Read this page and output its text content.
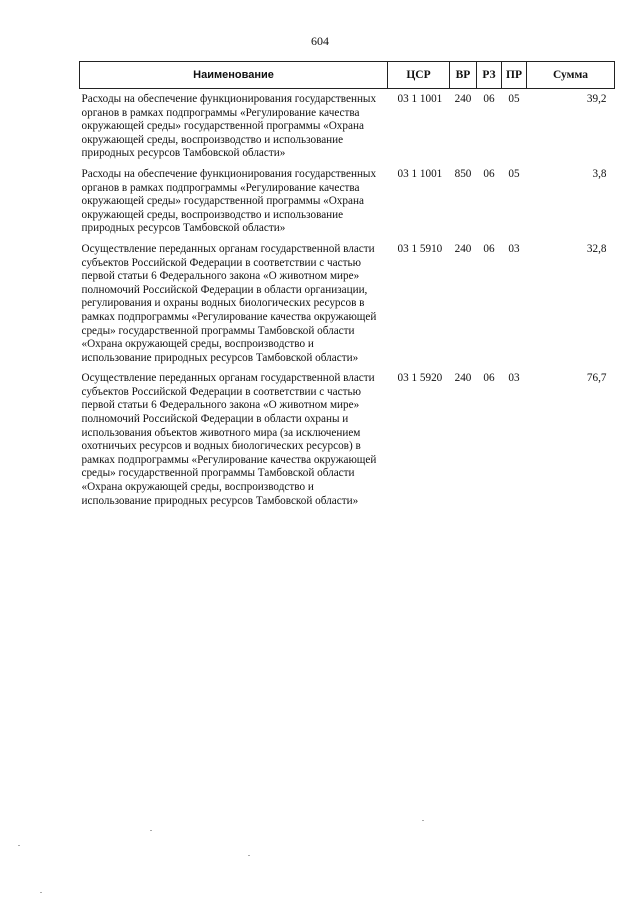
604
Наименование	ЦСР	ВР	РЗ	ПР	Сумма
Расходы на обеспечение функционирования государственных органов в рамках подпрограммы «Регулирование качества окружающей среды» государственной программы «Охрана окружающей среды, воспроизводство и использование природных ресурсов Тамбовской области»	03 1 1001	240	06	05	39,2
Расходы на обеспечение функционирования государственных органов в рамках подпрограммы «Регулирование качества окружающей среды» государственной программы «Охрана окружающей среды, воспроизводство и использование природных ресурсов Тамбовской области»	03 1 1001	850	06	05	3,8
Осуществление переданных органам государственной власти субъектов Российской Федерации в соответствии с частью первой статьи 6 Федерального закона «О животном мире» полномочий Российской Федерации в области организации, регулирования и охраны водных биологических ресурсов в рамках подпрограммы «Регулирование качества окружающей среды» государственной программы Тамбовской области «Охрана окружающей среды, воспроизводство и использование природных ресурсов Тамбовской области»	03 1 5910	240	06	03	32,8
Осуществление переданных органам государственной власти субъектов Российской Федерации в соответствии с частью первой статьи 6 Федерального закона «О животном мире» полномочий Российской Федерации в области охраны и использования объектов животного мира (за исключением охотничьих ресурсов и водных биологических ресурсов) в рамках подпрограммы «Регулирование качества окружающей среды» государственной программы Тамбовской области «Охрана окружающей среды, воспроизводство и использование природных ресурсов Тамбовской области»	03 1 5920	240	06	03	76,7
